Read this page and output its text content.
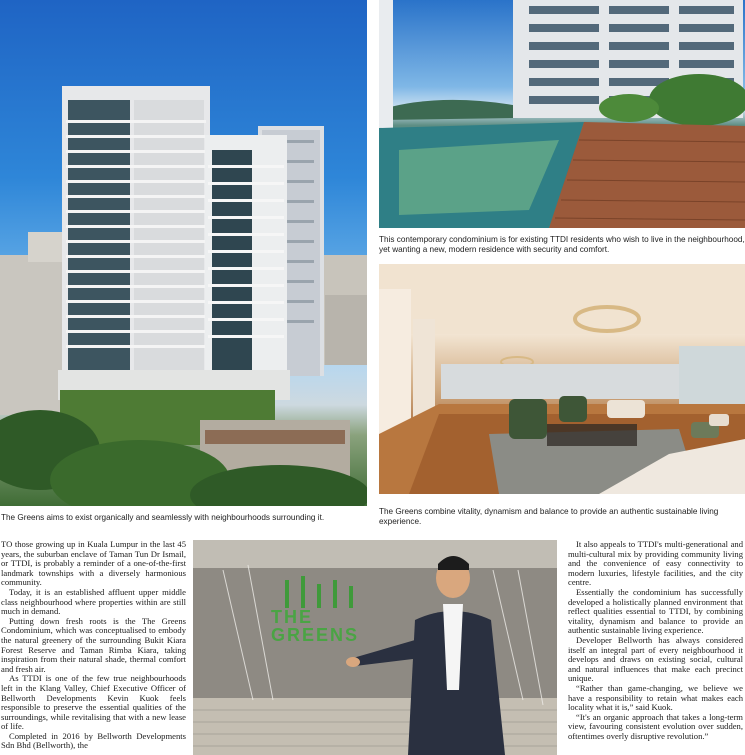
The Greens aims to exist organically and seamlessly with neighbourhoods surrounding it.
This contemporary condominium is for existing TTDI residents who wish to live in the neighbourhood, yet wanting a new, modern residence with security and comfort.
The Greens combine vitality, dynamism and balance to provide an authentic sustainable living experience.
THE GREENS

TO those growing up in Kuala Lumpur in the last 45 years, the suburban enclave of Taman Tun Dr Ismail, or TTDI, is probably a reminder of a one-of-the-first landmark townships with a diversely harmonious community.

Today, it is an established affluent upper middle class neighbourhood where properties within are still much in demand.

Putting down fresh roots is the The Greens Condominium, which was conceptualised to embody the natural greenery of the surrounding Bukit Kiara Forest Reserve and Taman Rimba Kiara, taking inspiration from their natural shade, thermal comfort and fresh air.

As TTDI is one of the few true neighbourhoods left in the Klang Valley, Chief Executive Officer of Bellworth Developments Kevin Kuok feels responsible to preserve the essential qualities of the surroundings, while revitalising that with a new lease of life.

Completed in 2016 by Bellworth Developments Sdn Bhd (Bellworth), the

It also appeals to TTDI's multi-generational and multi-cultural mix by providing community living and the convenience of easy connectivity to modern luxuries, lifestyle facilities, and the city centre.

Essentially the condominium has successfully developed a holistically planned environment that reflect qualities essential to TTDI, by combining vitality, dynamism and balance to provide an authentic sustainable living experience.

Developer Bellworth has always considered itself an integral part of every neighbourhood it develops and draws on existing social, cultural and natural influences that make each precinct unique.

“Rather than game-changing, we believe we have a responsibility to retain what makes each locality what it is,” said Kuok.

“It's an organic approach that takes a long-term view, favouring consistent evolution over sudden, oftentimes overly disruptive revolution.”
